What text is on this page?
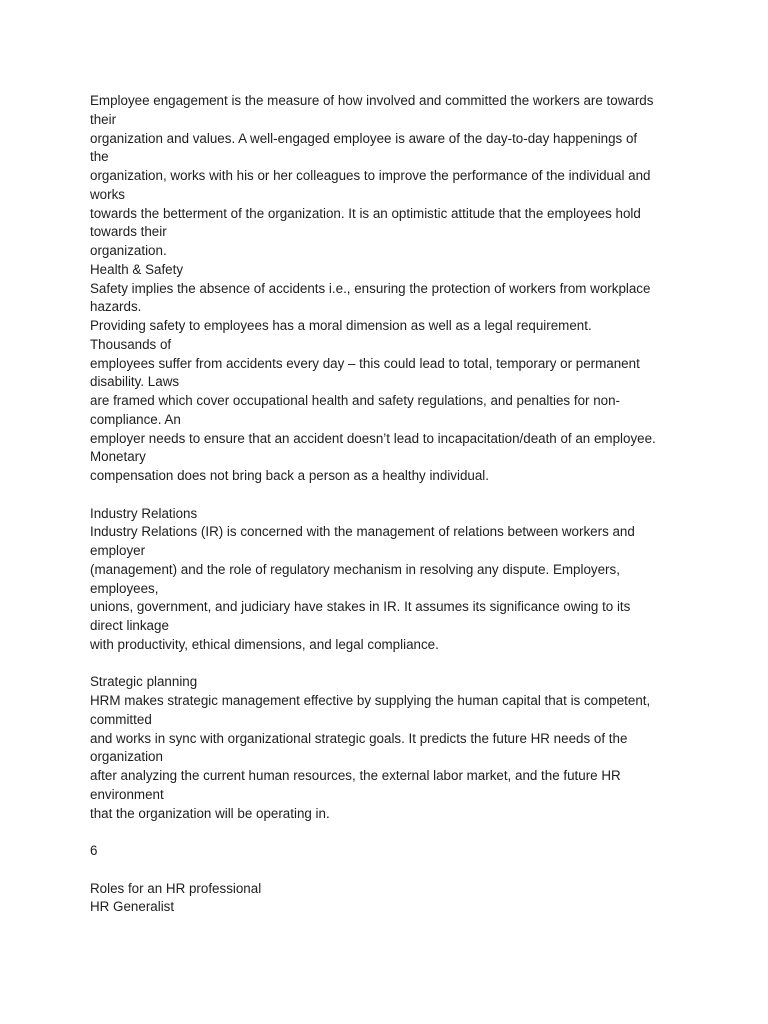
Employee engagement is the measure of how involved and committed the workers are towards
their
organization and values. A well-engaged employee is aware of the day-to-day happenings of
the
organization, works with his or her colleagues to improve the performance of the individual and
works
towards the betterment of the organization. It is an optimistic attitude that the employees hold
towards their
organization.
Health & Safety
Safety implies the absence of accidents i.e., ensuring the protection of workers from workplace
hazards.
Providing safety to employees has a moral dimension as well as a legal requirement.
Thousands of
employees suffer from accidents every day – this could lead to total, temporary or permanent
disability. Laws
are framed which cover occupational health and safety regulations, and penalties for non-
compliance. An
employer needs to ensure that an accident doesn’t lead to incapacitation/death of an employee.
Monetary
compensation does not bring back a person as a healthy individual.
Industry Relations
Industry Relations (IR) is concerned with the management of relations between workers and
employer
(management) and the role of regulatory mechanism in resolving any dispute. Employers,
employees,
unions, government, and judiciary have stakes in IR. It assumes its significance owing to its
direct linkage
with productivity, ethical dimensions, and legal compliance.
Strategic planning
HRM makes strategic management effective by supplying the human capital that is competent,
committed
and works in sync with organizational strategic goals. It predicts the future HR needs of the
organization
after analyzing the current human resources, the external labor market, and the future HR
environment
that the organization will be operating in.
6
Roles for an HR professional
HR Generalist
